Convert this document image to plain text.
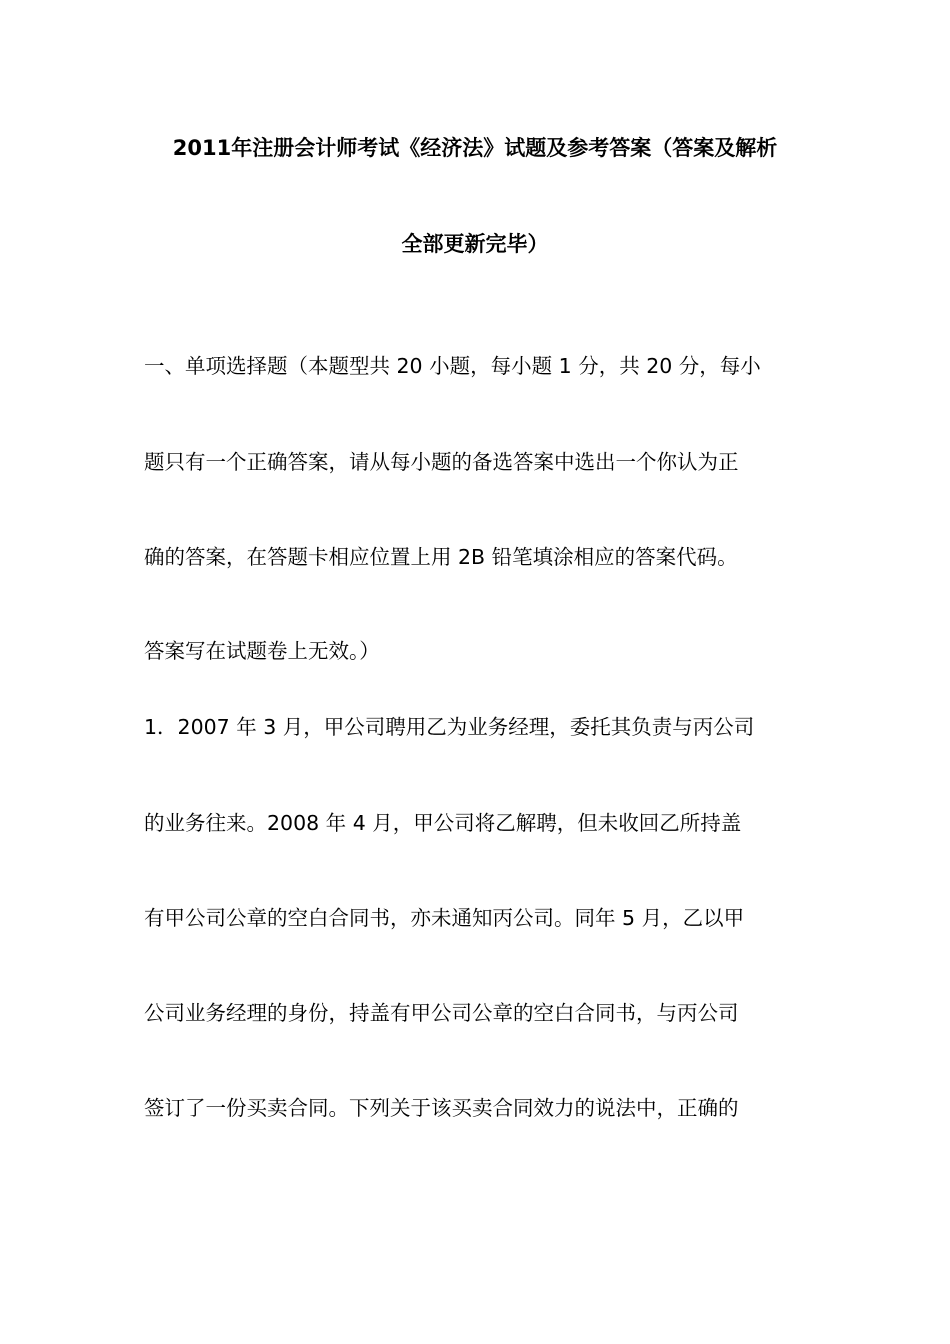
2011年注册会计师考试《经济法》试题及参考答案（答案及解析
全部更新完毕）
一、单项选择题（本题型共 20 小题，每小题 1 分，共 20 分，每小
题只有一个正确答案，请从每小题的备选答案中选出一个你认为正
确的答案，在答题卡相应位置上用 2B 铅笔填涂相应的答案代码。
答案写在试题卷上无效。）
1．2007 年 3 月，甲公司聘用乙为业务经理，委托其负责与丙公司
的业务往来。2008 年 4 月，甲公司将乙解聘，但未收回乙所持盖
有甲公司公章的空白合同书，亦未通知丙公司。同年 5 月，乙以甲
公司业务经理的身份，持盖有甲公司公章的空白合同书，与丙公司
签订了一份买卖合同。下列关于该买卖合同效力的说法中，正确的
